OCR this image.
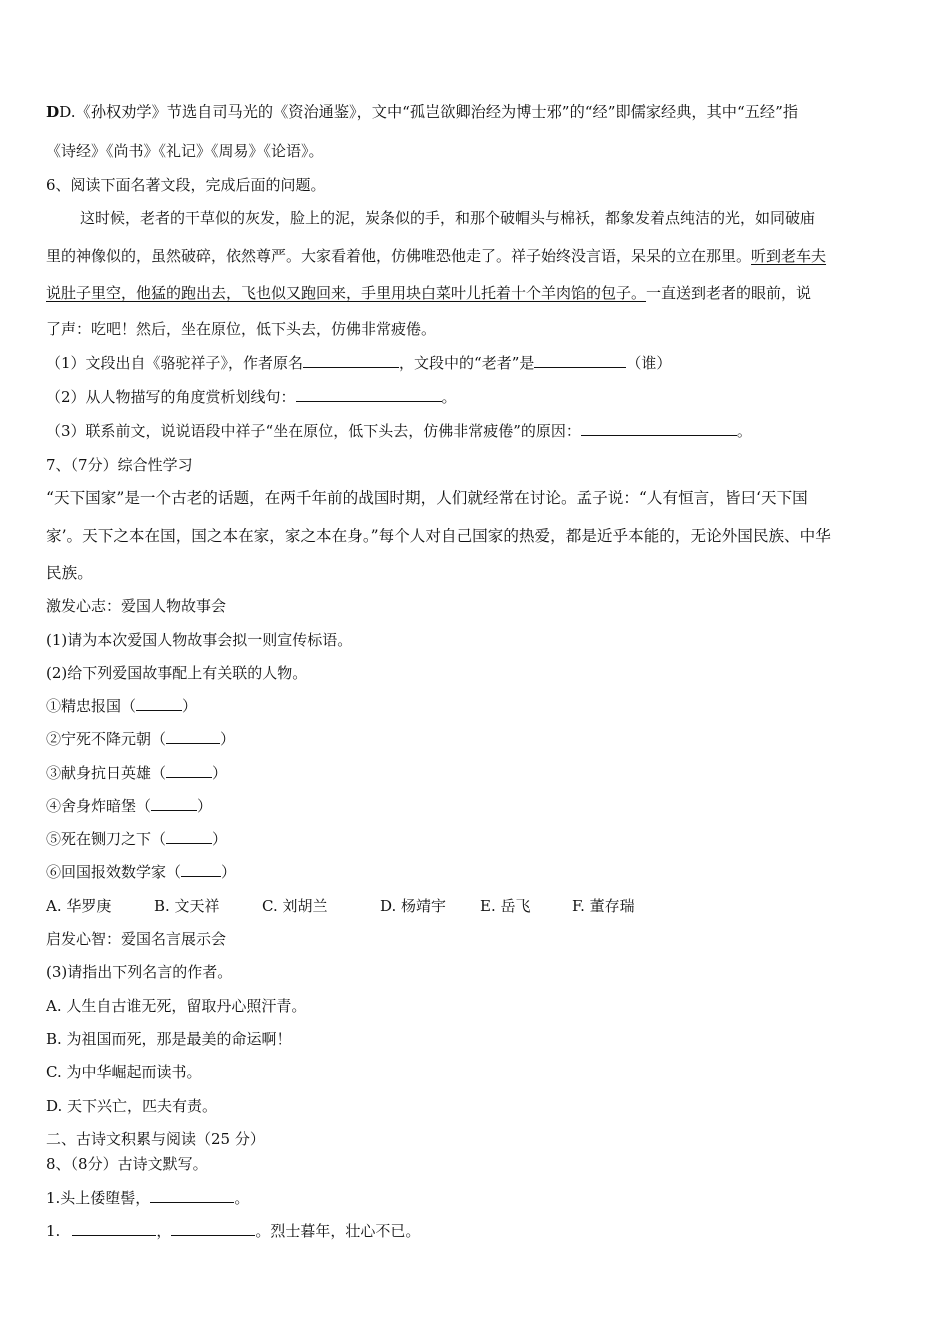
DD.《孙权劝学》节选自司马光的《资治通鉴》，文中“孤岂欲卿治经为博士邪”的“经”即儒家经典，其中“五经”指
《诗经》《尚书》《礼记》《周易》《论语》。
6、阅读下面名著文段，完成后面的问题。
这时候，老者的干草似的灰发，脸上的泥，炭条似的手，和那个破帽头与棉袄，都象发着点纯洁的光，如同破庙
里的神像似的，虽然破碎，依然尊严。大家看着他，仿佛唯恐他走了。祥子始终没言语，呆呆的立在那里。听到老车夫
说肚子里空，他猛的跑出去，飞也似又跑回来，手里用块白菜叶儿托着十个羊肉馅的包子。一直送到老者的眼前，说
了声：吃吧！然后，坐在原位，低下头去，仿佛非常疲倦。
（1）文段出自《骆驼祥子》，作者原名	，文段中的“老者”是	（谁）
（2）从人物描写的角度赏析划线句：	。
（3）联系前文，说说语段中祥子“坐在原位，低下头去，仿佛非常疲倦”的原因：	。
7、（7分）综合性学习
“天下国家”是一个古老的话题，在两千年前的战国时期，人们就经常在讨论。孟子说：“人有恒言，皆曰‘天下国
家’。天下之本在国，国之本在家，家之本在身。”每个人对自己国家的热爱，都是近乎本能的，无论外国民族、中华
民族。
激发心志：爱国人物故事会
(1)请为本次爱国人物故事会拟一则宣传标语。
(2)给下列爱国故事配上有关联的人物。
①精忠报国（	）
②宁死不降元朝（	）
③献身抗日英雄（	）
④舍身炸暗堡（	）
⑤死在铡刀之下（	）
⑥回国报效数学家（	）
A. 华罗庚	B. 文天祥	C. 刘胡兰	D. 杨靖宇 E. 岳飞	F. 董存瑞
启发心智：爱国名言展示会
(3)请指出下列名言的作者。
A. 人生自古谁无死，留取丹心照汗青。
B. 为祖国而死，那是最美的命运啊！
C. 为中华崛起而读书。
D. 天下兴亡，匹夫有责。
二、古诗文积累与阅读（25 分）
8、（8分）古诗文默写。
1.头上倭堕髻，	。
1.	，	。烈士暮年，壮心不已。
